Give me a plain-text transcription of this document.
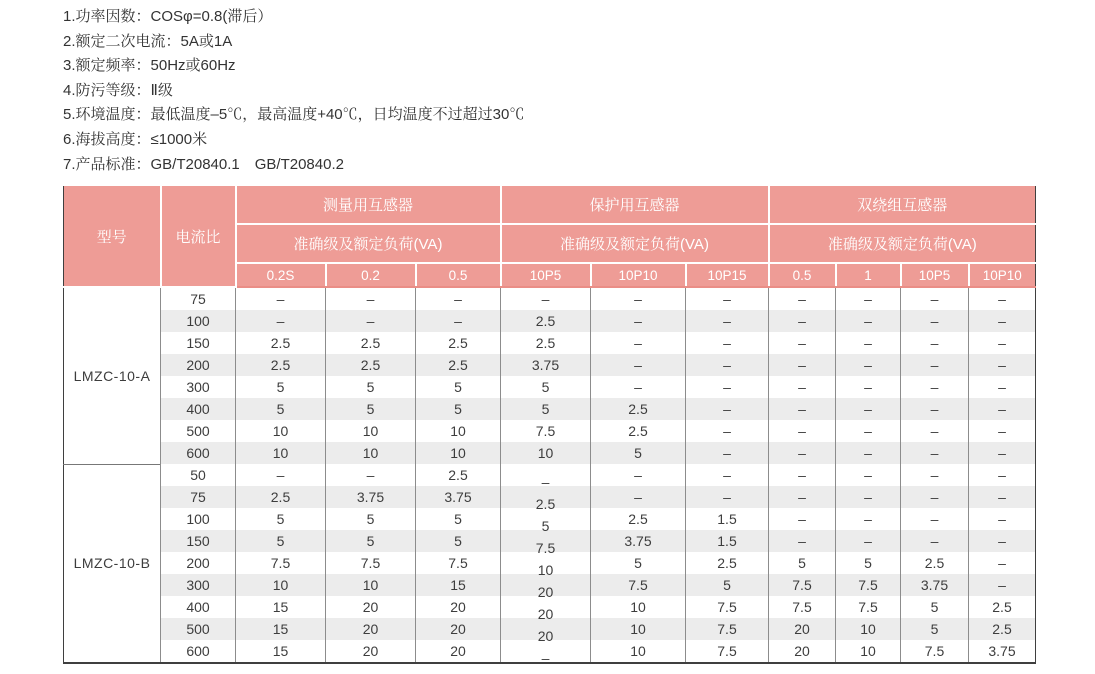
1.功率因数：COSφ=0.8(滞后）
2.额定二次电流：5A或1A
3.额定频率：50Hz或60Hz
4.防污等级：Ⅱ级
5.环境温度：最低温度–5℃，最高温度+40℃，日均温度不过超过30℃
6.海拔高度：≤1000米
7.产品标准：GB/T20840.1　GB/T20840.2
型号	电流比	测量用互感器			保护用互感器			双绕组互感器			
		准确级及额定负荷(VA)			准确级及额定负荷(VA)			准确级及额定负荷(VA)			
		0.2S	0.2	0.5	10P5	10P10	10P15	0.5	1	10P5	10P10
LMZC-10-A	75	–	–	–	–	–	–	–	–	–	–
	100	–	–	–	2.5	–	–	–	–	–	–
	150	2.5	2.5	2.5	2.5	–	–	–	–	–	–
	200	2.5	2.5	2.5	3.75	–	–	–	–	–	–
	300	5	5	5	5	–	–	–	–	–	–
	400	5	5	5	5	2.5	–	–	–	–	–
	500	10	10	10	7.5	2.5	–	–	–	–	–
	600	10	10	10	10	5	–	–	–	–	–
LMZC-10-B	50	–	–	2.5	–	–	–	–	–	–	–
	75	2.5	3.75	3.75	2.5	–	–	–	–	–	–
	100	5	5	5	5	2.5	1.5	–	–	–	–
	150	5	5	5	7.5	3.75	1.5	–	–	–	–
	200	7.5	7.5	7.5	10	5	2.5	5	5	2.5	–
	300	10	10	15	20	7.5	5	7.5	7.5	3.75	–
	400	15	20	20	20	10	7.5	7.5	7.5	5	2.5
	500	15	20	20	20	10	7.5	20	10	5	2.5
	600	15	20	20	–	10	7.5	20	10	7.5	3.75
